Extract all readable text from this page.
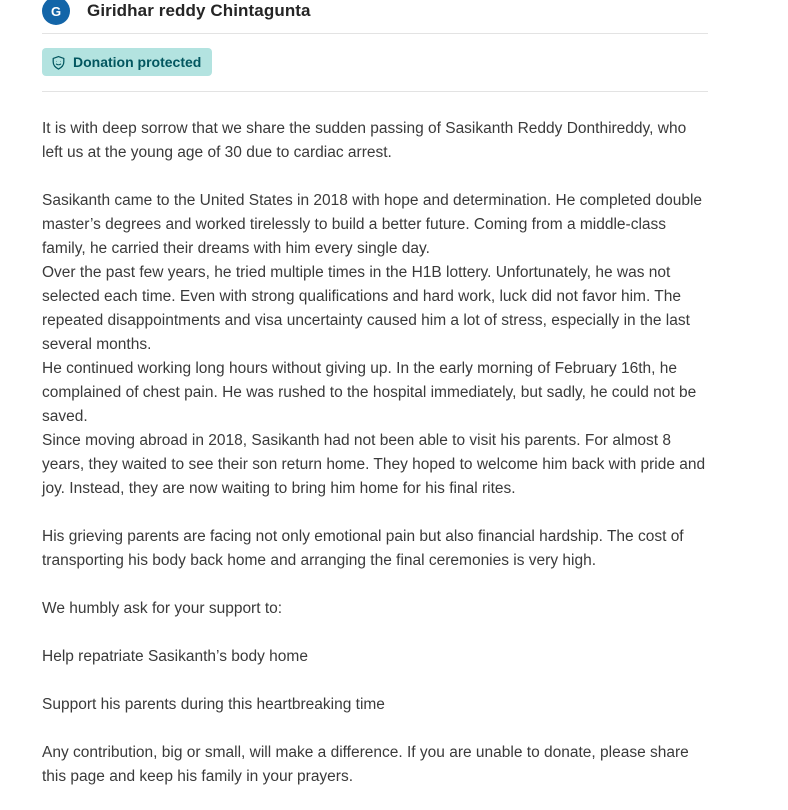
G	Giridhar reddy Chintagunta
Donation protected

It is with deep sorrow that we share the sudden passing of Sasikanth Reddy Donthireddy, who left us at the young age of 30 due to cardiac arrest.

Sasikanth came to the United States in 2018 with hope and determination. He completed double master’s degrees and worked tirelessly to build a better future. Coming from a middle-class family, he carried their dreams with him every single day.

Over the past few years, he tried multiple times in the H1B lottery. Unfortunately, he was not selected each time. Even with strong qualifications and hard work, luck did not favor him. The repeated disappointments and visa uncertainty caused him a lot of stress, especially in the last several months.

He continued working long hours without giving up. In the early morning of February 16th, he complained of chest pain. He was rushed to the hospital immediately, but sadly, he could not be saved.

Since moving abroad in 2018, Sasikanth had not been able to visit his parents. For almost 8 years, they waited to see their son return home. They hoped to welcome him back with pride and joy. Instead, they are now waiting to bring him home for his final rites.

His grieving parents are facing not only emotional pain but also financial hardship. The cost of transporting his body back home and arranging the final ceremonies is very high.

We humbly ask for your support to:

Help repatriate Sasikanth’s body home

Support his parents during this heartbreaking time

Any contribution, big or small, will make a difference. If you are unable to donate, please share this page and keep his family in your prayers.
